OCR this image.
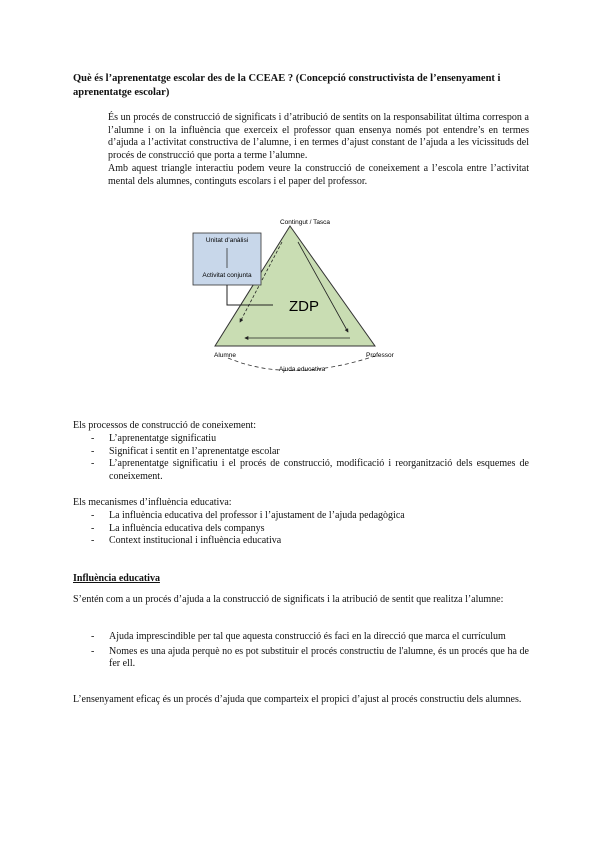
Què és l’aprenentatge escolar des de la CCEAE ? (Concepció constructivista de l’ensenyament i aprenentatge escolar)
És un procés de construcció de significats i d’atribució de sentits on la responsabilitat última correspon a l’alumne i on la influència que exerceix el professor quan ensenya només pot entendre’s en termes d’ajuda a l’activitat constructiva de l’alumne, i en termes d’ajust constant de l’ajuda a les vicissituds del procés de construcció que porta a terme l’alumne.
Amb aquest triangle interactiu podem veure la construcció de coneixement a l’escola entre l’activitat mental dels alumnes, continguts escolars i el paper del professor.
Contingut / Tasca
Unitat d’anàlisi
Activitat conjunta
ZDP
Alumne	Professor
Ajuda educativa
Els processos de construcció de coneixement:
- L’aprenentatge significatiu
- Significat i sentit en l’aprenentatge escolar
- L’aprenentatge significatiu i el procés de construcció, modificació i reorganització dels esquemes de coneixement.
Els mecanismes d’influència educativa:
- La influència educativa del professor i l’ajustament de l’ajuda pedagògica
- La influència educativa dels companys
- Context institucional i influència educativa
Influència educativa
S’entén com a un procés d’ajuda a la construcció de significats i la atribució de sentit que realitza l’alumne:
- Ajuda imprescindible per tal que aquesta construcció és faci en la direcció que marca el currículum
- Nomes es una ajuda perquè no es pot substituir el procés constructiu de l'alumne, és un procés que ha de fer ell.
L’ensenyament eficaç és un procés d’ajuda que comparteix el propici d’ajust al procés constructiu dels alumnes.
